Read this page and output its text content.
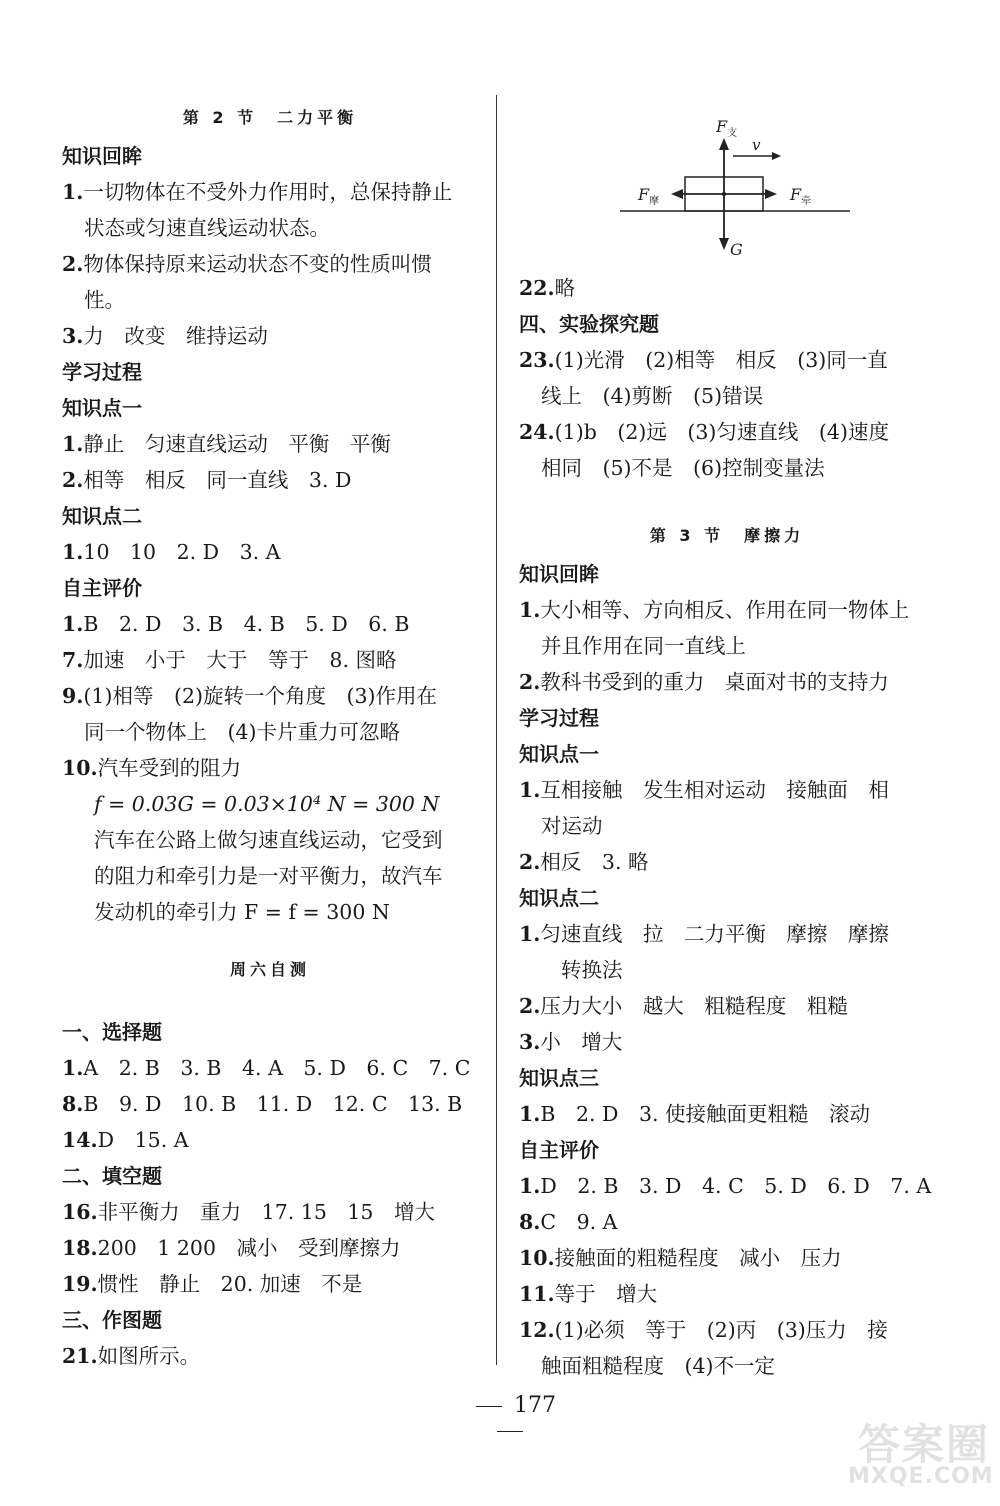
第 2 节　二力平衡
知识回眸
1.一切物体在不受外力作用时，总保持静止
状态或匀速直线运动状态。
2.物体保持原来运动状态不变的性质叫惯
性。
3.力　改变　维持运动
学习过程
知识点一
1.静止　匀速直线运动　平衡　平衡
2.相等　相反　同一直线　3. D
知识点二
1.10　10　2. D　3. A
自主评价
1.B　2. D　3. B　4. B　5. D　6. B
7.加速　小于　大于　等于　8. 图略
9.(1)相等　(2)旋转一个角度　(3)作用在
同一个物体上　(4)卡片重力可忽略
10.汽车受到的阻力
f = 0.03G = 0.03×10⁴ N = 300 N
汽车在公路上做匀速直线运动，它受到
的阻力和牵引力是一对平衡力，故汽车
发动机的牵引力 F = f = 300 N
周六自测
一、选择题
1.A　2. B　3. B　4. A　5. D　6. C　7. C
8.B　9. D　10. B　11. D　12. C　13. B
14.D　15. A
二、填空题
16.非平衡力　重力　17. 15　15　增大
18.200　1 200　减小　受到摩擦力
19.惯性　静止　20. 加速　不是
三、作图题
21.如图所示。
22.略
四、实验探究题
23.(1)光滑　(2)相等　相反　(3)同一直
线上　(4)剪断　(5)错误
24.(1)b　(2)远　(3)匀速直线　(4)速度
相同　(5)不是　(6)控制变量法
第 3 节　摩擦力
知识回眸
1.大小相等、方向相反、作用在同一物体上
并且作用在同一直线上
2.教科书受到的重力　桌面对书的支持力
学习过程
知识点一
1.互相接触　发生相对运动　接触面　相
对运动
2.相反　3. 略
知识点二
1.匀速直线　拉　二力平衡　摩擦　摩擦
转换法
2.压力大小　越大　粗糙程度　粗糙
3.小　增大
知识点三
1.B　2. D　3. 使接触面更粗糙　滚动
自主评价
1.D　2. B　3. D　4. C　5. D　6. D　7. A
8.C　9. A
10.接触面的粗糙程度　减小　压力
11.等于　增大
12.(1)必须　等于　(2)丙　(3)压力　接
触面粗糙程度　(4)不一定
$F_支$
v
$F_摩$	$F_牵$
G
177
答案圈
MXQE.COM
